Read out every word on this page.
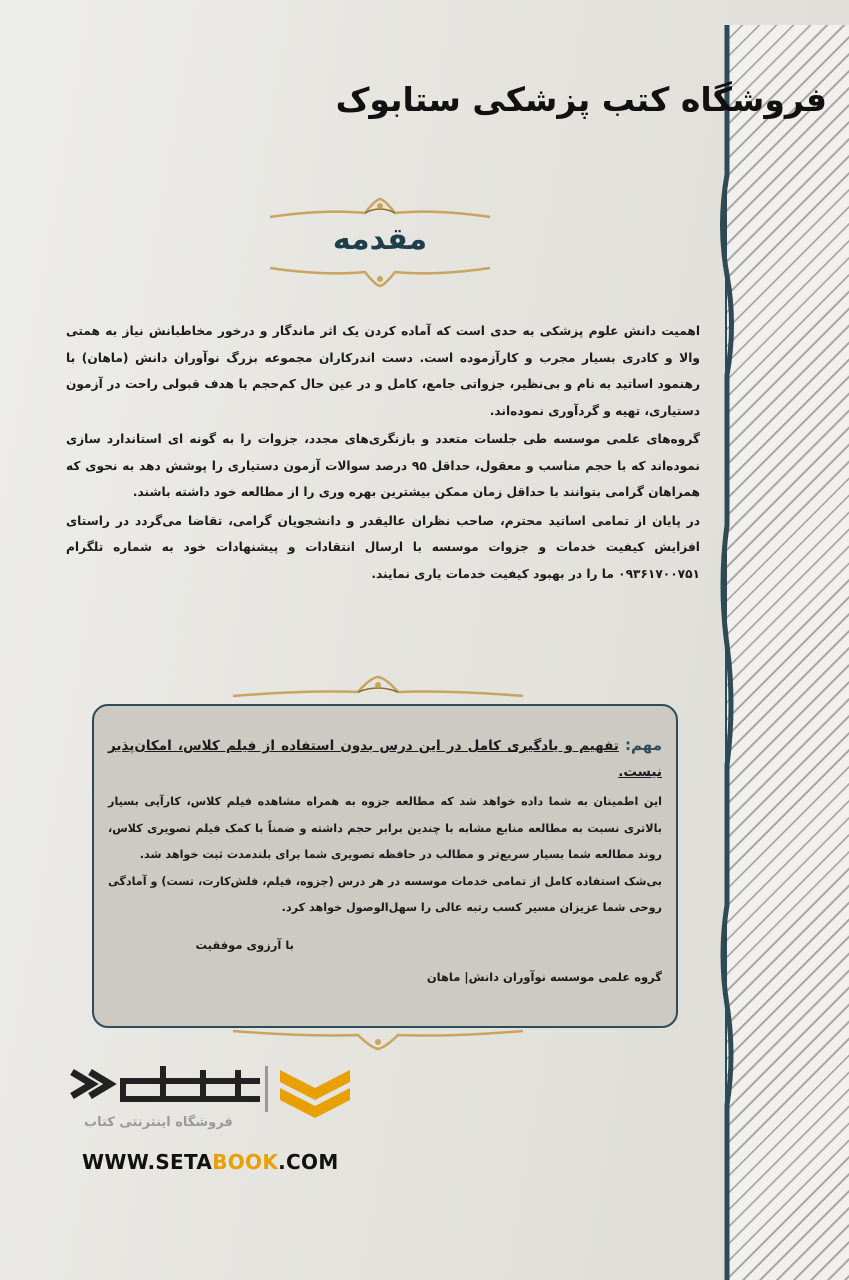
فروشگاه کتب پزشکی ستابوک
مقدمه

اهمیت دانش علوم پزشکی به حدی است که آماده کردن یک اثر ماندگار و درخور مخاطبانش نیاز به همتی والا و کادری بسیار مجرب و کارآزموده است. دست اندرکاران مجموعه بزرگ نوآوران دانش (ماهان) با رهنمود اساتید به نام و بی‌نظیر، جزواتی جامع، کامل و در عین حال کم‌حجم با هدف قبولی راحت در آزمون دستیاری، تهیه و گردآوری نموده‌اند.

گروه‌های علمی موسسه طی جلسات متعدد و بازنگری‌های مجدد، جزوات را به گونه ای استاندارد سازی نموده‌اند که با حجم مناسب و معقول، حداقل ۹۵ درصد سوالات آزمون دستیاری را پوشش دهد به نحوی که همراهان گرامی بتوانند با حداقل زمان ممکن بیشترین بهره وری را از مطالعه خود داشته باشند.

در پایان از تمامی اساتید محترم، صاحب نظران عالیقدر و دانشجویان گرامی، تقاضا می‌گردد در راستای افزایش کیفیت خدمات و جزوات موسسه با ارسال انتقادات و پیشنهادات خود به شماره تلگرام ۰۹۳۶۱۷۰۰۷۵۱ ما را در بهبود کیفیت خدمات یاری نمایند.

مهم: تفهیم و یادگیری کامل در این درس بدون استفاده از فیلم کلاس، امکان‌پذیر نیست.

این اطمینان به شما داده خواهد شد که مطالعه جزوه به همراه مشاهده فیلم کلاس، کارآیی بسیار بالاتری نسبت به مطالعه منابع مشابه با چندین برابر حجم داشته و ضمناً با کمک فیلم تصویری کلاس، روند مطالعه شما بسیار سریع‌تر و مطالب در حافظه تصویری شما برای بلندمدت ثبت خواهد شد.

بی‌شک استفاده کامل از تمامی خدمات موسسه در هر درس (جزوه، فیلم، فلش‌کارت، تست) و آمادگی روحی شما عزیزان مسیر کسب رتبه عالی را سهل‌الوصول خواهد کرد.

با آرزوی موفقیت
گروه علمی موسسه نوآوران دانش| ماهان
فروشگاه اینترنتی کتاب
WWW.SETABOOK.COM
